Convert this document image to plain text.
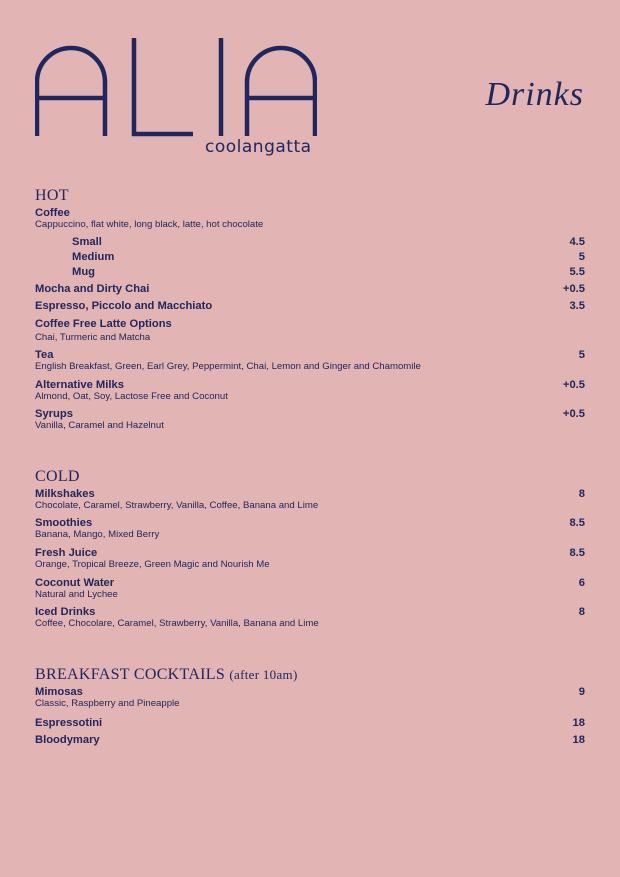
coolangatta
Drinks
HOT
Coffee
Cappuccino, flat white, long black, latte, hot chocolate
Small	4.5
Medium	5
Mug	5.5
Mocha and Dirty Chai	+0.5
Espresso, Piccolo and Macchiato	3.5
Coffee Free Latte Options
Chai, Turmeric and Matcha
Tea	5
English Breakfast, Green, Earl Grey, Peppermint, Chai, Lemon and Ginger and Chamomile
Alternative Milks	+0.5
Almond, Oat, Soy, Lactose Free and Coconut
Syrups	+0.5
Vanilla, Caramel and Hazelnut
COLD
Milkshakes	8
Chocolate, Caramel, Strawberry, Vanilla, Coffee, Banana and Lime
Smoothies	8.5
Banana, Mango, Mixed Berry
Fresh Juice	8.5
Orange, Tropical Breeze, Green Magic and Nourish Me
Coconut Water	6
Natural and Lychee
Iced Drinks	8
Coffee, Chocolare, Caramel, Strawberry, Vanilla, Banana and Lime
BREAKFAST COCKTAILS (after 10am)
Mimosas	9
Classic, Raspberry and Pineapple
Espressotini	18
Bloodymary	18
